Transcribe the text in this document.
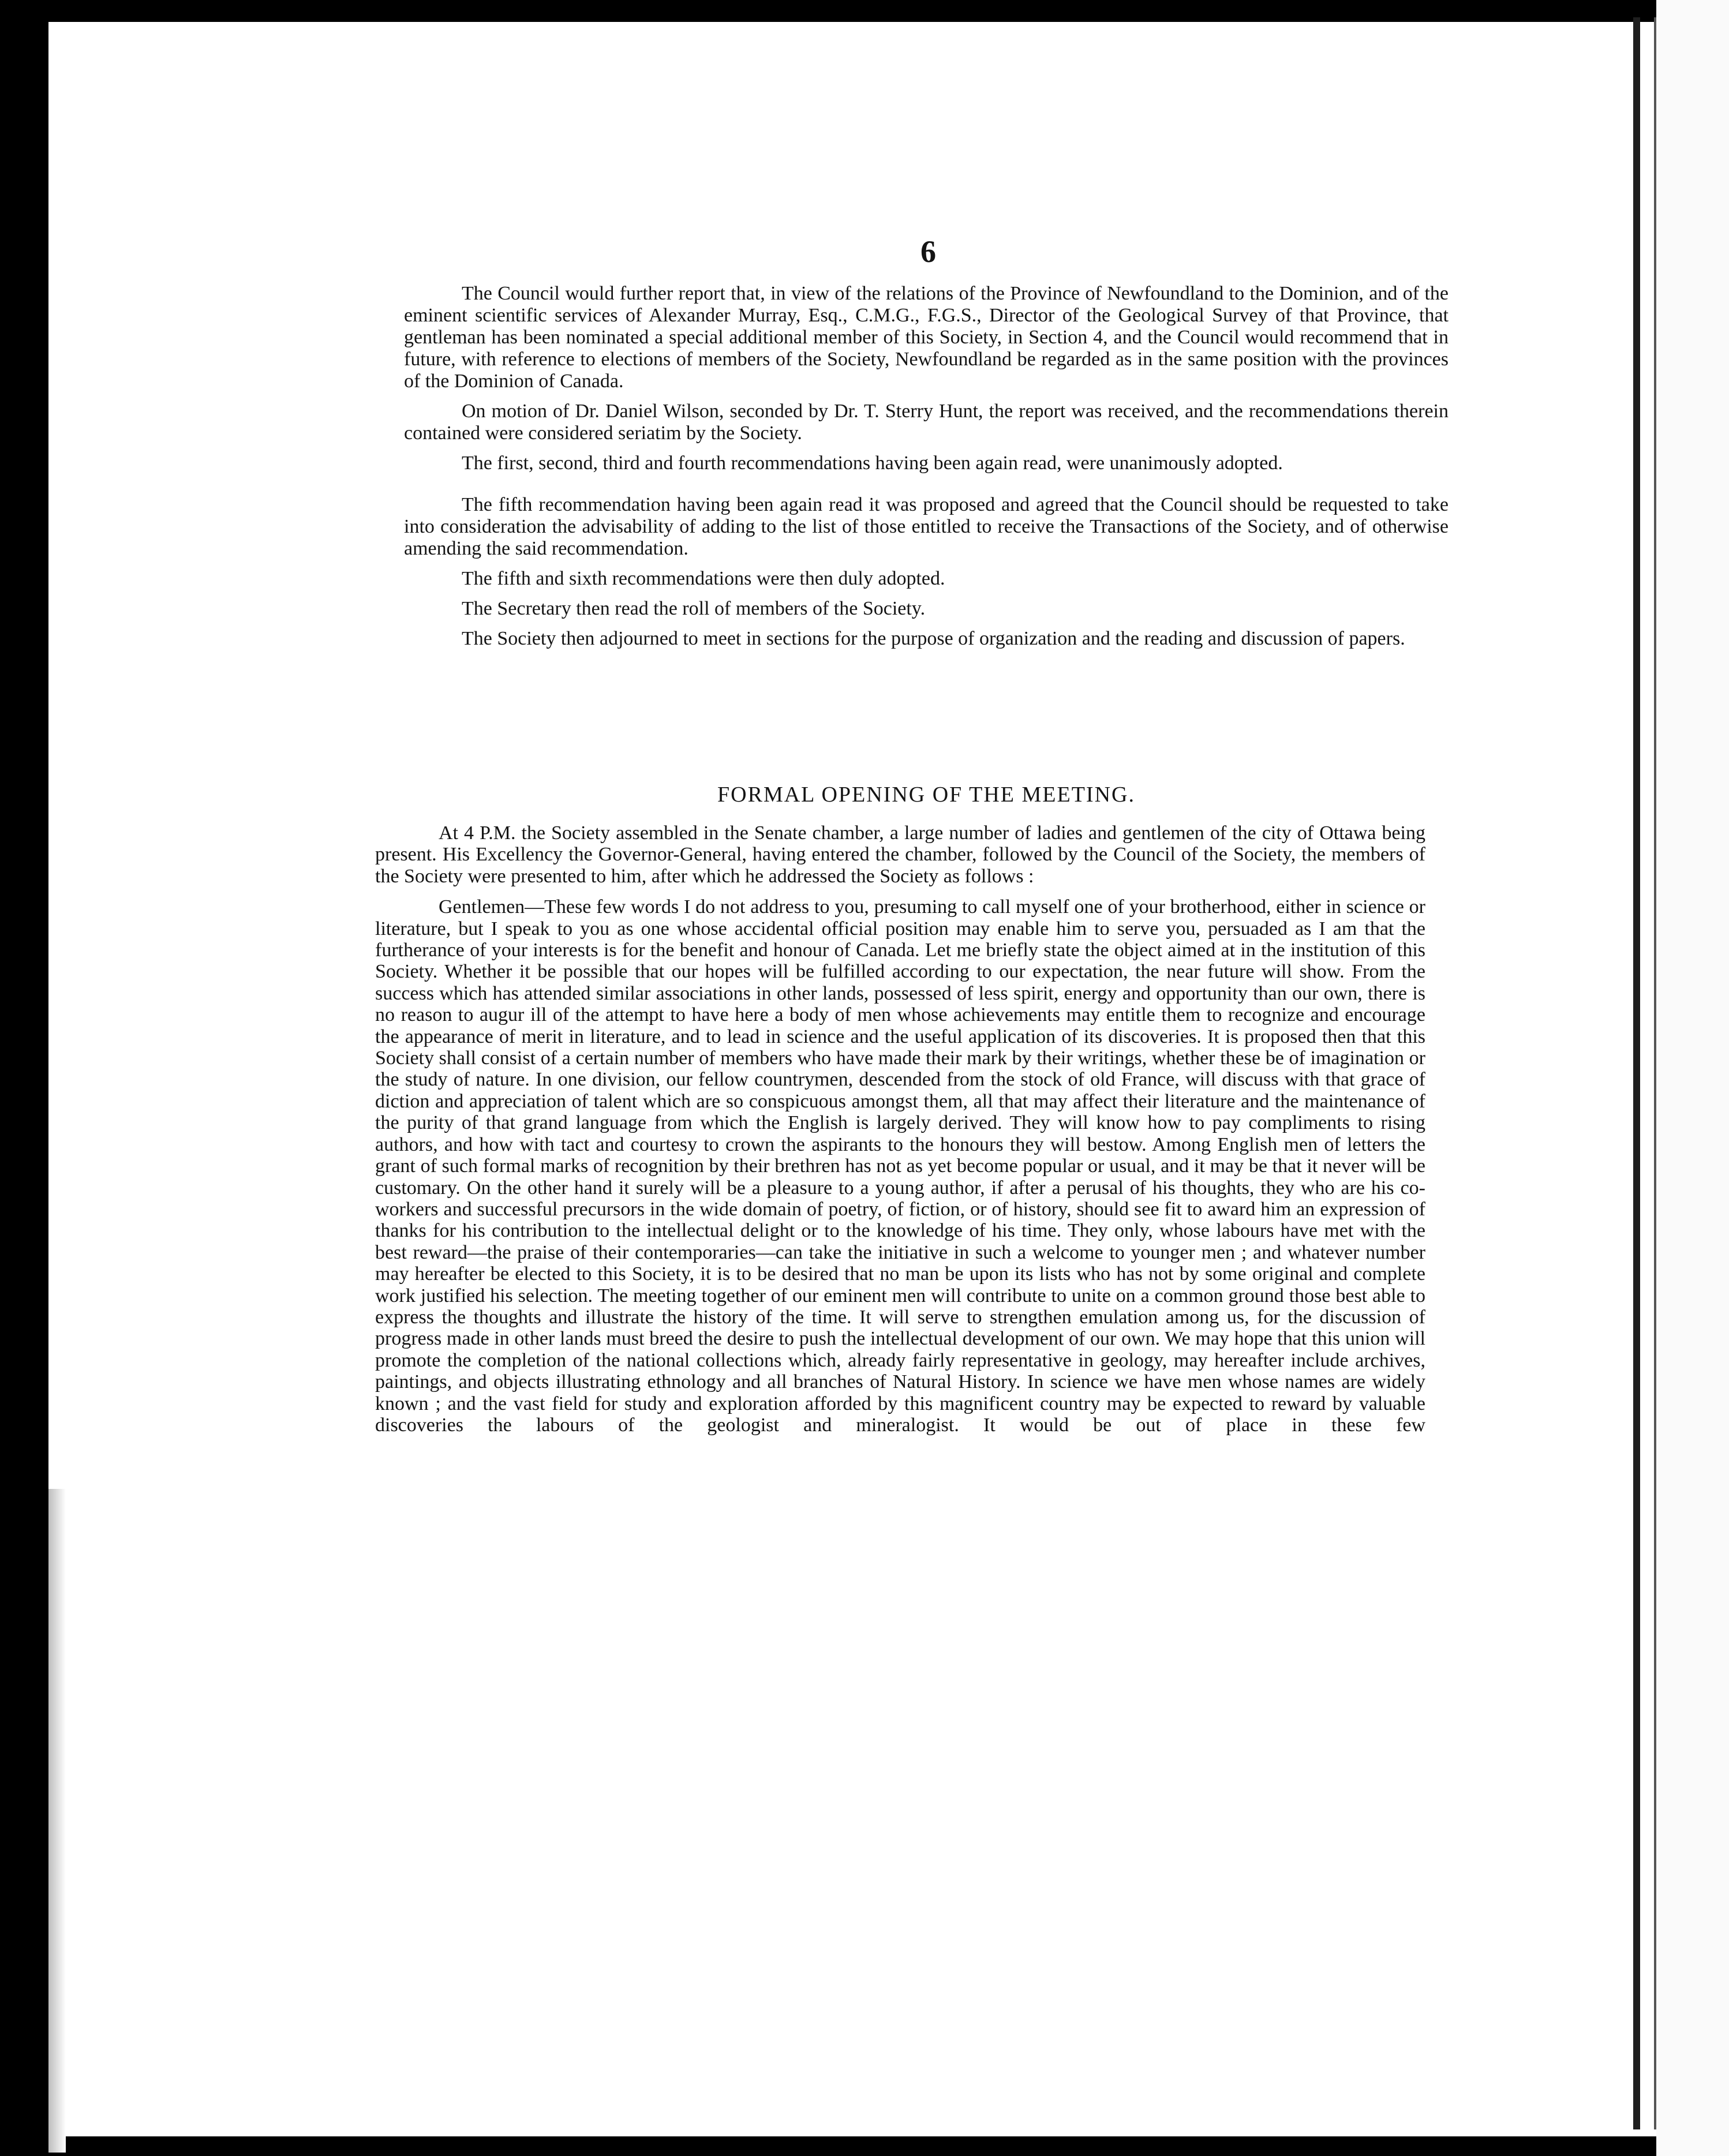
6

The Council would further report that, in view of the relations of the Province of Newfoundland to the Dominion, and of the eminent scientific services of Alexander Murray, Esq., C.M.G., F.G.S., Director of the Geological Survey of that Province, that gentleman has been nominated a special additional member of this Society, in Section 4, and the Council would recommend that in future, with reference to elections of members of the Society, Newfoundland be regarded as in the same position with the provinces of the Dominion of Canada.

On motion of Dr. Daniel Wilson, seconded by Dr. T. Sterry Hunt, the report was received, and the recommendations therein contained were considered seriatim by the Society.

The first, second, third and fourth recommendations having been again read, were unanimously adopted.

The fifth recommendation having been again read it was proposed and agreed that the Council should be requested to take into consideration the advisability of adding to the list of those entitled to receive the Transactions of the Society, and of otherwise amending the said recommendation.

The fifth and sixth recommendations were then duly adopted.

The Secretary then read the roll of members of the Society.

The Society then adjourned to meet in sections for the purpose of organization and the reading and discussion of papers.

FORMAL OPENING OF THE MEETING.

At 4 P.M. the Society assembled in the Senate chamber, a large number of ladies and gentlemen of the city of Ottawa being present. His Excellency the Governor-General, having entered the chamber, followed by the Council of the Society, the members of the Society were presented to him, after which he addressed the Society as follows :

Gentlemen—These few words I do not address to you, presuming to call myself one of your brotherhood, either in science or literature, but I speak to you as one whose accidental official position may enable him to serve you, persuaded as I am that the furtherance of your interests is for the benefit and honour of Canada. Let me briefly state the object aimed at in the institution of this Society. Whether it be possible that our hopes will be fulfilled according to our expectation, the near future will show. From the success which has attended similar associations in other lands, possessed of less spirit, energy and opportunity than our own, there is no reason to augur ill of the attempt to have here a body of men whose achievements may entitle them to recognize and encourage the appearance of merit in literature, and to lead in science and the useful application of its discoveries. It is proposed then that this Society shall consist of a certain number of members who have made their mark by their writings, whether these be of imagination or the study of nature. In one division, our fellow countrymen, descended from the stock of old France, will discuss with that grace of diction and appreciation of talent which are so conspicuous amongst them, all that may affect their literature and the maintenance of the purity of that grand language from which the English is largely derived. They will know how to pay compliments to rising authors, and how with tact and courtesy to crown the aspirants to the honours they will bestow. Among English men of letters the grant of such formal marks of recognition by their brethren has not as yet become popular or usual, and it may be that it never will be customary. On the other hand it surely will be a pleasure to a young author, if after a perusal of his thoughts, they who are his co-workers and successful precursors in the wide domain of poetry, of fiction, or of history, should see fit to award him an expression of thanks for his contribution to the intellectual delight or to the knowledge of his time. They only, whose labours have met with the best reward—the praise of their contemporaries—can take the initiative in such a welcome to younger men ; and whatever number may hereafter be elected to this Society, it is to be desired that no man be upon its lists who has not by some original and complete work justified his selection. The meeting together of our eminent men will contribute to unite on a common ground those best able to express the thoughts and illustrate the history of the time. It will serve to strengthen emulation among us, for the discussion of progress made in other lands must breed the desire to push the intellectual development of our own. We may hope that this union will promote the completion of the national collections which, already fairly representative in geology, may hereafter include archives, paintings, and objects illustrating ethnology and all branches of Natural History. In science we have men whose names are widely known ; and the vast field for study and exploration afforded by this magnificent country may be expected to reward by valuable discoveries the labours of the geologist and mineralogist. It would be out of place in these few
